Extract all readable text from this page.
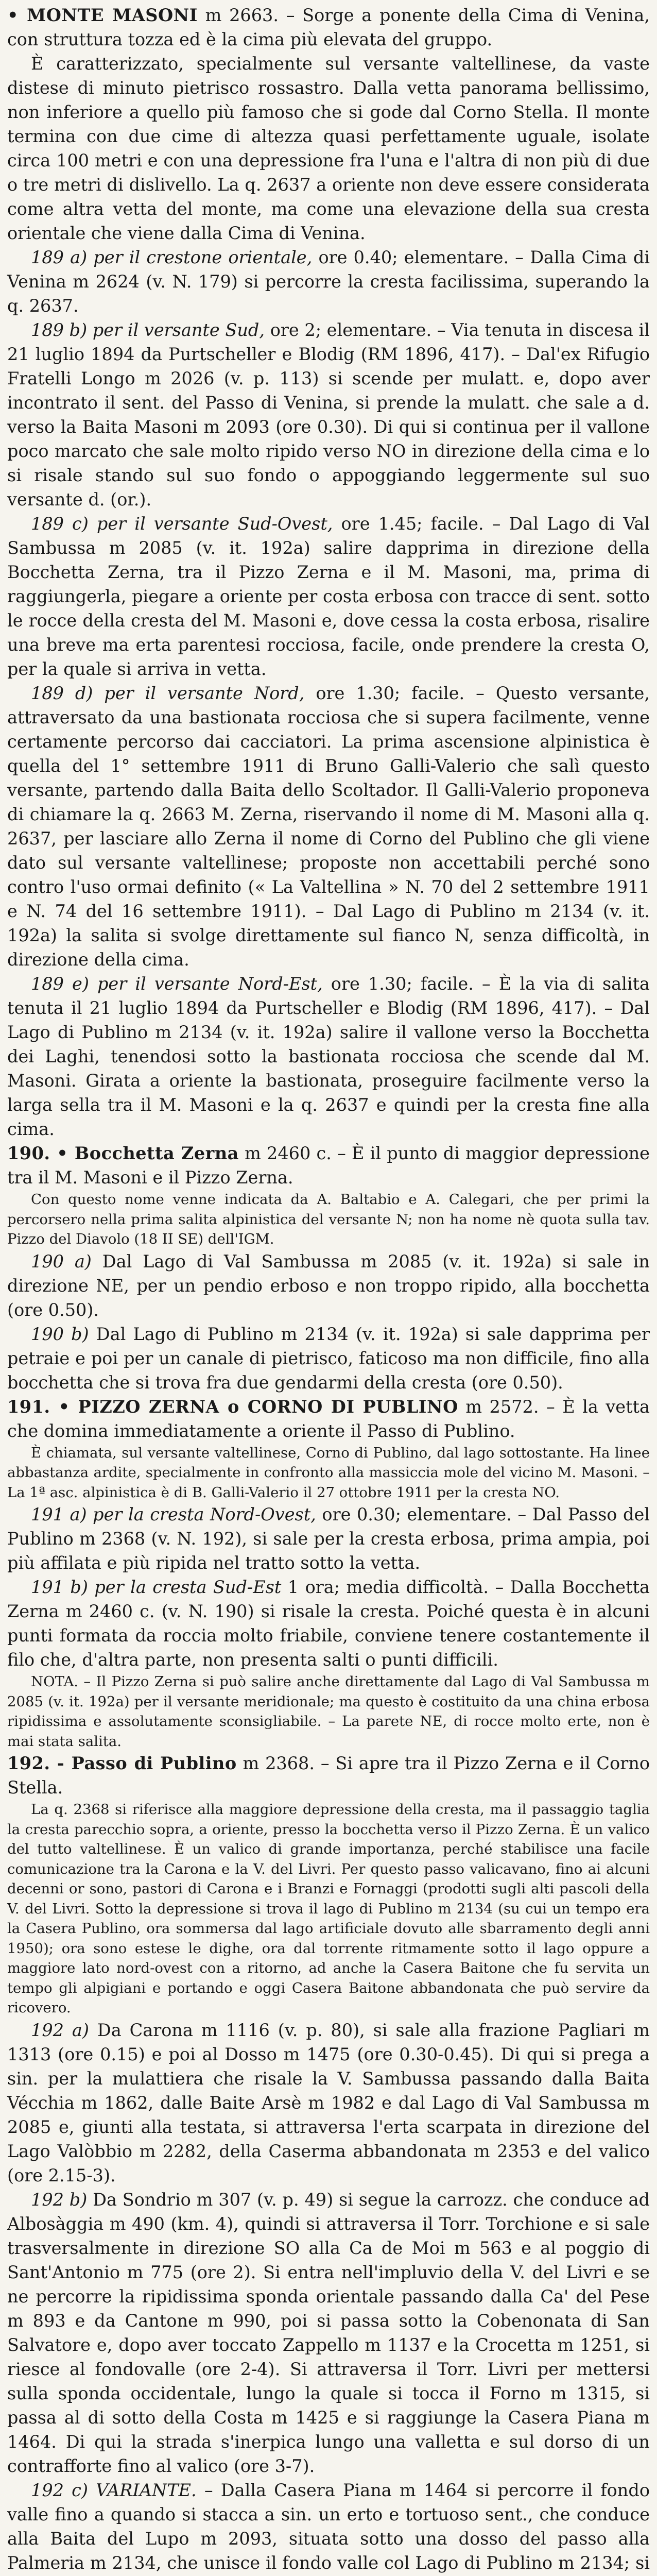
• MONTE MASONI m 2663. – Sorge a ponente della Cima di Venina, con struttura tozza ed è la cima più elevata del gruppo.

È caratterizzato, specialmente sul versante valtellinese, da vaste distese di minuto pietrisco rossastro. Dalla vetta panorama bellissimo, non inferiore a quello più famoso che si gode dal Corno Stella. Il monte termina con due cime di altezza quasi perfettamente uguale, isolate circa 100 metri e con una depressione fra l'una e l'altra di non più di due o tre metri di dislivello. La q. 2637 a oriente non deve essere considerata come altra vetta del monte, ma come una elevazione della sua cresta orientale che viene dalla Cima di Venina.

189 a) per il crestone orientale, ore 0.40; elementare. – Dalla Cima di Venina m 2624 (v. N. 179) si percorre la cresta facilissima, superando la q. 2637.

189 b) per il versante Sud, ore 2; elementare. – Via tenuta in discesa il 21 luglio 1894 da Purtscheller e Blodig (RM 1896, 417). – Dal'ex Rifugio Fratelli Longo m 2026 (v. p. 113) si scende per mulatt. e, dopo aver incontrato il sent. del Passo di Venina, si prende la mulatt. che sale a d. verso la Baita Masoni m 2093 (ore 0.30). Di qui si continua per il vallone poco marcato che sale molto ripido verso NO in direzione della cima e lo si risale stando sul suo fondo o appoggiando leggermente sul suo versante d. (or.).

189 c) per il versante Sud-Ovest, ore 1.45; facile. – Dal Lago di Val Sambussa m 2085 (v. it. 192a) salire dapprima in direzione della Bocchetta Zerna, tra il Pizzo Zerna e il M. Masoni, ma, prima di raggiungerla, piegare a oriente per costa erbosa con tracce di sent. sotto le rocce della cresta del M. Masoni e, dove cessa la costa erbosa, risalire una breve ma erta parentesi rocciosa, facile, onde prendere la cresta O, per la quale si arriva in vetta.

189 d) per il versante Nord, ore 1.30; facile. – Questo versante, attraversato da una bastionata rocciosa che si supera facilmente, venne certamente percorso dai cacciatori. La prima ascensione alpinistica è quella del 1° settembre 1911 di Bruno Galli-Valerio che salì questo versante, partendo dalla Baita dello Scoltador. Il Galli-Valerio proponeva di chiamare la q. 2663 M. Zerna, riservando il nome di M. Masoni alla q. 2637, per lasciare allo Zerna il nome di Corno del Publino che gli viene dato sul versante valtellinese; proposte non accettabili perché sono contro l'uso ormai definito (« La Valtellina » N. 70 del 2 settembre 1911 e N. 74 del 16 settembre 1911). – Dal Lago di Publino m 2134 (v. it. 192a) la salita si svolge direttamente sul fianco N, senza difficoltà, in direzione della cima.

189 e) per il versante Nord-Est, ore 1.30; facile. – È la via di salita tenuta il 21 luglio 1894 da Purtscheller e Blodig (RM 1896, 417). – Dal Lago di Publino m 2134 (v. it. 192a) salire il vallone verso la Bocchetta dei Laghi, tenendosi sotto la bastionata rocciosa che scende dal M. Masoni. Girata a oriente la bastionata, proseguire facilmente verso la larga sella tra il M. Masoni e la q. 2637 e quindi per la cresta fine alla cima.

190. • Bocchetta Zerna m 2460 c. – È il punto di maggior depressione tra il M. Masoni e il Pizzo Zerna.

Con questo nome venne indicata da A. Baltabio e A. Calegari, che per primi la percorsero nella prima salita alpinistica del versante N; non ha nome nè quota sulla tav. Pizzo del Diavolo (18 II SE) dell'IGM.

190 a) Dal Lago di Val Sambussa m 2085 (v. it. 192a) si sale in direzione NE, per un pendio erboso e non troppo ripido, alla bocchetta (ore 0.50).

190 b) Dal Lago di Publino m 2134 (v. it. 192a) si sale dapprima per petraie e poi per un canale di pietrisco, faticoso ma non difficile, fino alla bocchetta che si trova fra due gendarmi della cresta (ore 0.50).

191. • PIZZO ZERNA o CORNO DI PUBLINO m 2572. – È la vetta che domina immediatamente a oriente il Passo di Publino.

È chiamata, sul versante valtellinese, Corno di Publino, dal lago sottostante. Ha linee abbastanza ardite, specialmente in confronto alla massiccia mole del vicino M. Masoni. – La 1ª asc. alpinistica è di B. Galli-Valerio il 27 ottobre 1911 per la cresta NO.

191 a) per la cresta Nord-Ovest, ore 0.30; elementare. – Dal Passo del Publino m 2368 (v. N. 192), si sale per la cresta erbosa, prima ampia, poi più affilata e più ripida nel tratto sotto la vetta.

191 b) per la cresta Sud-Est 1 ora; media difficoltà. – Dalla Bocchetta Zerna m 2460 c. (v. N. 190) si risale la cresta. Poiché questa è in alcuni punti formata da roccia molto friabile, conviene tenere costantemente il filo che, d'altra parte, non presenta salti o punti difficili.

NOTA. – Il Pizzo Zerna si può salire anche direttamente dal Lago di Val Sambussa m 2085 (v. it. 192a) per il versante meridionale; ma questo è costituito da una china erbosa ripidissima e assolutamente sconsigliabile. – La parete NE, di rocce molto erte, non è mai stata salita.

192. - Passo di Publino m 2368. – Si apre tra il Pizzo Zerna e il Corno Stella.

La q. 2368 si riferisce alla maggiore depressione della cresta, ma il passaggio taglia la cresta parecchio sopra, a oriente, presso la bocchetta verso il Pizzo Zerna. È un valico del tutto valtellinese. È un valico di grande importanza, perché stabilisce una facile comunicazione tra la Carona e la V. del Livri. Per questo passo valicavano, fino ai alcuni decenni or sono, pastori di Carona e i Branzi e Fornaggi (prodotti sugli alti pascoli della V. del Livri. Sotto la depressione si trova il lago di Publino m 2134 (su cui un tempo era la Casera Publino, ora sommersa dal lago artificiale dovuto alle sbarramento degli anni 1950); ora sono estese le dighe, ora dal torrente ritmamente sotto il lago oppure a maggiore lato nord-ovest con a ritorno, ad anche la Casera Baitone che fu servita un tempo gli alpigiani e portando e oggi Casera Baitone abbandonata che può servire da ricovero.

192 a) Da Carona m 1116 (v. p. 80), si sale alla frazione Pagliari m 1313 (ore 0.15) e poi al Dosso m 1475 (ore 0.30-0.45). Di qui si prega a sin. per la mulattiera che risale la V. Sambussa passando dalla Baita Vécchia m 1862, dalle Baite Arsè m 1982 e dal Lago di Val Sambussa m 2085 e, giunti alla testata, si attraversa l'erta scarpata in direzione del Lago Valòbbio m 2282, della Caserma abbandonata m 2353 e del valico (ore 2.15-3).

192 b) Da Sondrio m 307 (v. p. 49) si segue la carrozz. che conduce ad Albosàggia m 490 (km. 4), quindi si attraversa il Torr. Torchione e si sale trasversalmente in direzione SO alla Ca de Moi m 563 e al poggio di Sant'Antonio m 775 (ore 2). Si entra nell'impluvio della V. del Livri e se ne percorre la ripidissima sponda orientale passando dalla Ca' del Pese m 893 e da Cantone m 990, poi si passa sotto la Cobenonata di San Salvatore e, dopo aver toccato Zappello m 1137 e la Crocetta m 1251, si riesce al fondovalle (ore 2-4). Si attraversa il Torr. Livri per mettersi sulla sponda occidentale, lungo la quale si tocca il Forno m 1315, si passa al di sotto della Costa m 1425 e si raggiunge la Casera Piana m 1464. Di qui la strada s'inerpica lungo una valletta e sul dorso di un contrafforte fino al valico (ore 3-7).

192 c) VARIANTE. – Dalla Casera Piana m 1464 si percorre il fondo valle fino a quando si stacca a sin. un erto e tortuoso sent., che conduce alla Baita del Lupo m 2093, situata sotto una dosso del passo alla Palmeria m 2134, che unisce il fondo valle col Lago di Publino m 2134; si
